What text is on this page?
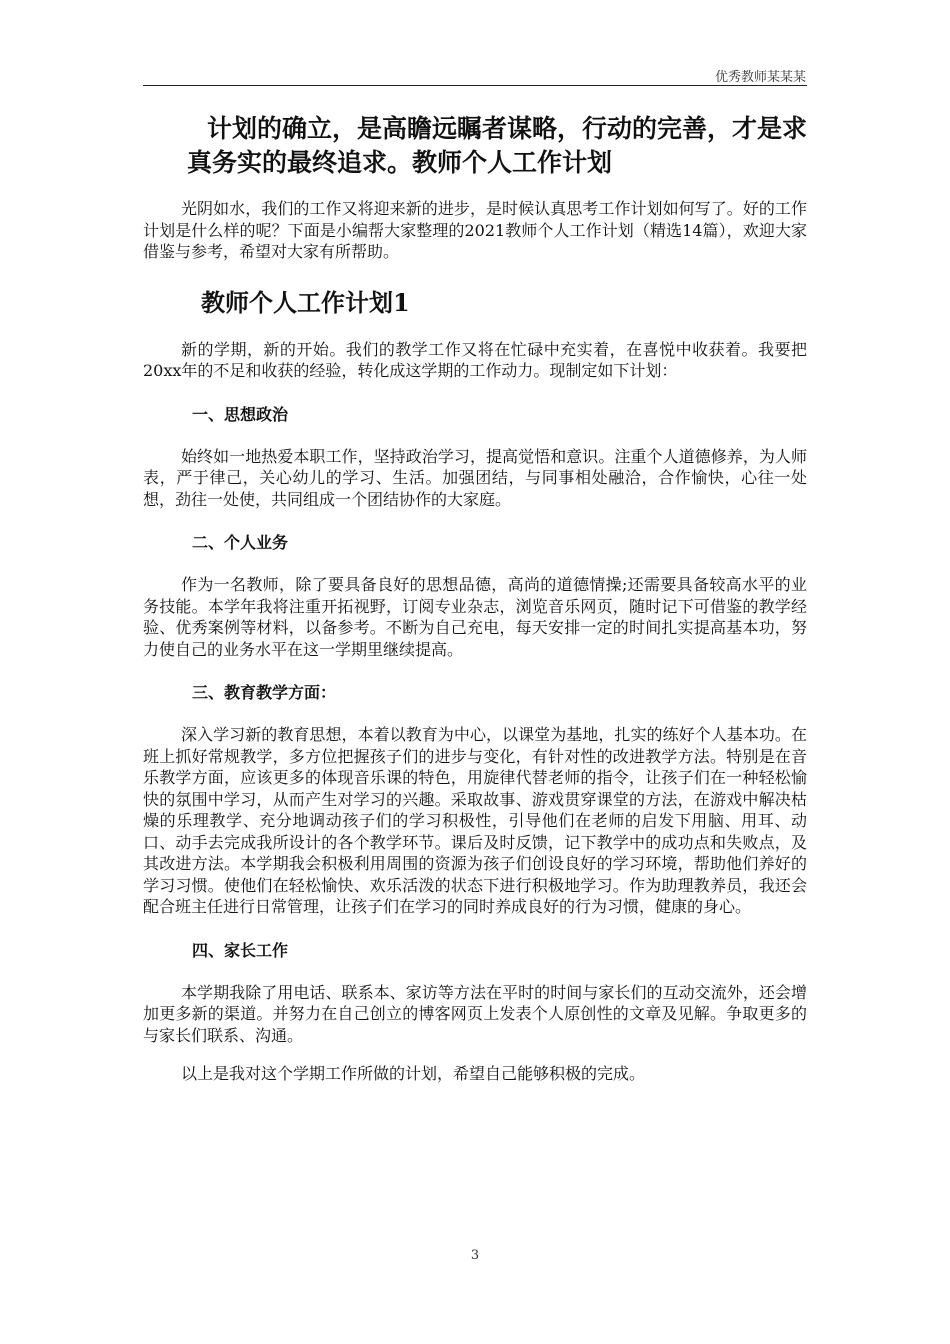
优秀教师某某某
计划的确立，是高瞻远瞩者谋略，行动的完善，才是求真务实的最终追求。教师个人工作计划

光阴如水，我们的工作又将迎来新的进步，是时候认真思考工作计划如何写了。好的工作计划是什么样的呢？下面是小编帮大家整理的2021教师个人工作计划（精选14篇），欢迎大家借鉴与参考，希望对大家有所帮助。

教师个人工作计划1

新的学期，新的开始。我们的教学工作又将在忙碌中充实着，在喜悦中收获着。我要把20xx年的不足和收获的经验，转化成这学期的工作动力。现制定如下计划：

一、思想政治

始终如一地热爱本职工作，坚持政治学习，提高觉悟和意识。注重个人道德修养，为人师表，严于律己，关心幼儿的学习、生活。加强团结，与同事相处融洽，合作愉快，心往一处想，劲往一处使，共同组成一个团结协作的大家庭。

二、个人业务

作为一名教师，除了要具备良好的思想品德，高尚的道德情操;还需要具备较高水平的业务技能。本学年我将注重开拓视野，订阅专业杂志，浏览音乐网页，随时记下可借鉴的教学经验、优秀案例等材料，以备参考。不断为自己充电，每天安排一定的时间扎实提高基本功，努力使自己的业务水平在这一学期里继续提高。

三、教育教学方面：

深入学习新的教育思想，本着以教育为中心，以课堂为基地，扎实的练好个人基本功。在班上抓好常规教学，多方位把握孩子们的进步与变化，有针对性的改进教学方法。特别是在音乐教学方面，应该更多的体现音乐课的特色，用旋律代替老师的指令，让孩子们在一种轻松愉快的氛围中学习，从而产生对学习的兴趣。采取故事、游戏贯穿课堂的方法，在游戏中解决枯燥的乐理教学、充分地调动孩子们的学习积极性，引导他们在老师的启发下用脑、用耳、动口、动手去完成我所设计的各个教学环节。课后及时反馈，记下教学中的成功点和失败点，及其改进方法。本学期我会积极利用周围的资源为孩子们创设良好的学习环境，帮助他们养好的学习习惯。使他们在轻松愉快、欢乐活泼的状态下进行积极地学习。作为助理教养员，我还会配合班主任进行日常管理，让孩子们在学习的同时养成良好的行为习惯，健康的身心。

四、家长工作

本学期我除了用电话、联系本、家访等方法在平时的时间与家长们的互动交流外，还会增加更多新的渠道。并努力在自己创立的博客网页上发表个人原创性的文章及见解。争取更多的与家长们联系、沟通。

以上是我对这个学期工作所做的计划，希望自己能够积极的完成。

3
